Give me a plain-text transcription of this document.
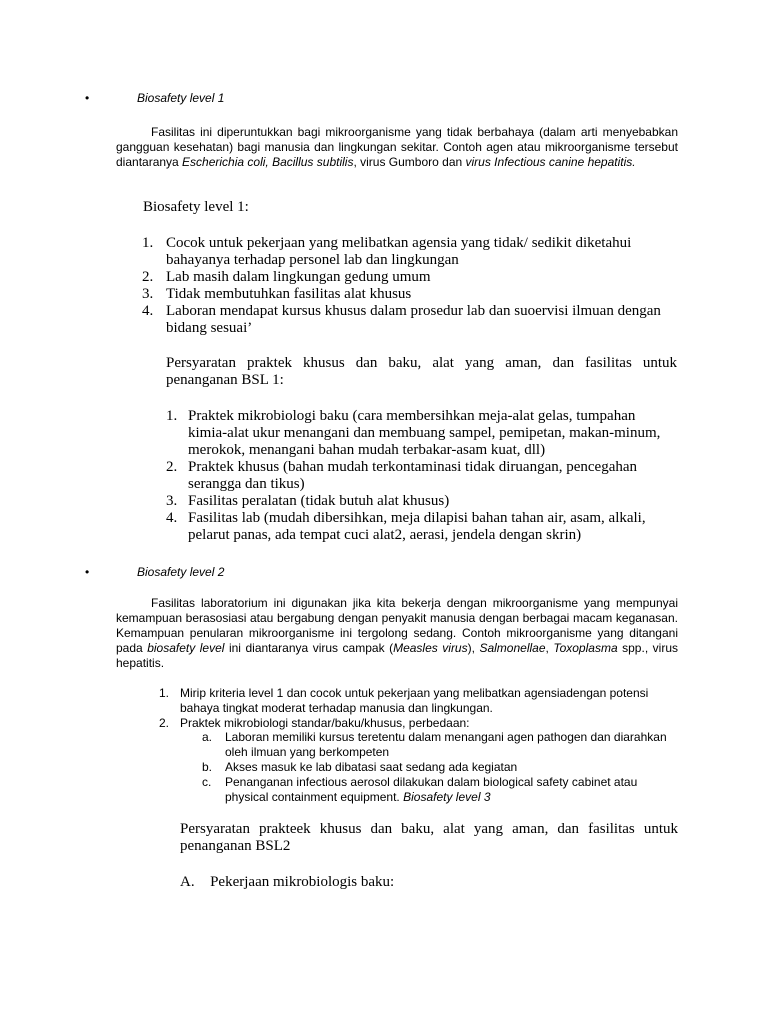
•	Biosafety level 1

Fasilitas ini diperuntukkan bagi mikroorganisme yang tidak berbahaya (dalam arti menyebabkan gangguan kesehatan) bagi manusia dan lingkungan sekitar. Contoh agen atau mikroorganisme tersebut diantaranya Escherichia coli, Bacillus subtilis, virus Gumboro dan virus Infectious canine hepatitis.

Biosafety level 1:

1. Cocok untuk pekerjaan yang melibatkan agensia yang tidak/ sedikit diketahui bahayanya terhadap personel lab dan lingkungan
2. Lab masih dalam lingkungan gedung umum
3. Tidak membutuhkan fasilitas alat khusus
4. Laboran mendapat kursus khusus dalam prosedur lab dan suoervisi ilmuan dengan bidang sesuai’

Persyaratan praktek khusus dan baku, alat yang aman, dan fasilitas untuk penanganan BSL 1:

1. Praktek mikrobiologi baku (cara membersihkan meja-alat gelas, tumpahan kimia-alat ukur menangani dan membuang sampel, pemipetan, makan-minum, merokok, menangani bahan mudah terbakar-asam kuat, dll)
2. Praktek khusus (bahan mudah terkontaminasi tidak diruangan, pencegahan serangga dan tikus)
3. Fasilitas peralatan (tidak butuh alat khusus)
4. Fasilitas lab (mudah dibersihkan, meja dilapisi bahan tahan air, asam, alkali, pelarut panas, ada tempat cuci alat2, aerasi, jendela dengan skrin)
•	Biosafety level 2

Fasilitas laboratorium ini digunakan jika kita bekerja dengan mikroorganisme yang mempunyai kemampuan berasosiasi atau bergabung dengan penyakit manusia dengan berbagai macam keganasan. Kemampuan penularan mikroorganisme ini tergolong sedang. Contoh mikroorganisme yang ditangani pada biosafety level ini diantaranya virus campak (Measles virus), Salmonellae, Toxoplasma spp., virus hepatitis.

1. Mirip kriteria level 1 dan cocok untuk pekerjaan yang melibatkan agensiadengan potensi bahaya tingkat moderat terhadap manusia dan lingkungan.
2. Praktek mikrobiologi standar/baku/khusus, perbedaan:
a. Laboran memiliki kursus teretentu dalam menangani agen pathogen dan diarahkan oleh ilmuan yang berkompeten
b. Akses masuk ke lab dibatasi saat sedang ada kegiatan
c. Penanganan infectious aerosol dilakukan dalam biological safety cabinet atau physical containment equipment. Biosafety level 3

Persyaratan prakteek khusus dan baku, alat yang aman, dan fasilitas untuk penanganan BSL2

A. Pekerjaan mikrobiologis baku:
